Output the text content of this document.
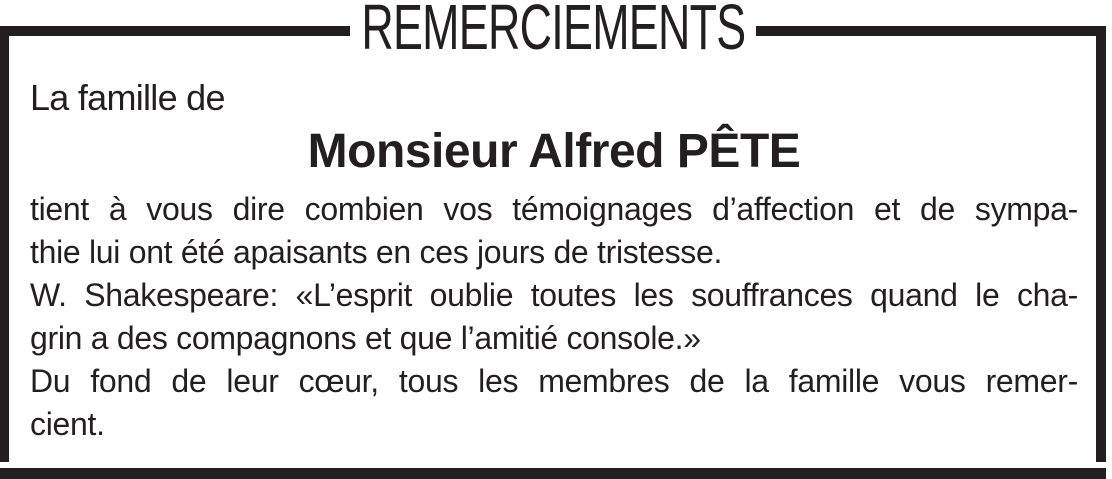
REMERCIEMENTS
La famille de
Monsieur Alfred PÊTE
tient à vous dire combien vos témoignages d’affection et de sympa-
thie lui ont été apaisants en ces jours de tristesse.
W. Shakespeare: «L’esprit oublie toutes les souffrances quand le cha-
grin a des compagnons et que l’amitié console.»
Du fond de leur cœur, tous les membres de la famille vous remer-
cient.
